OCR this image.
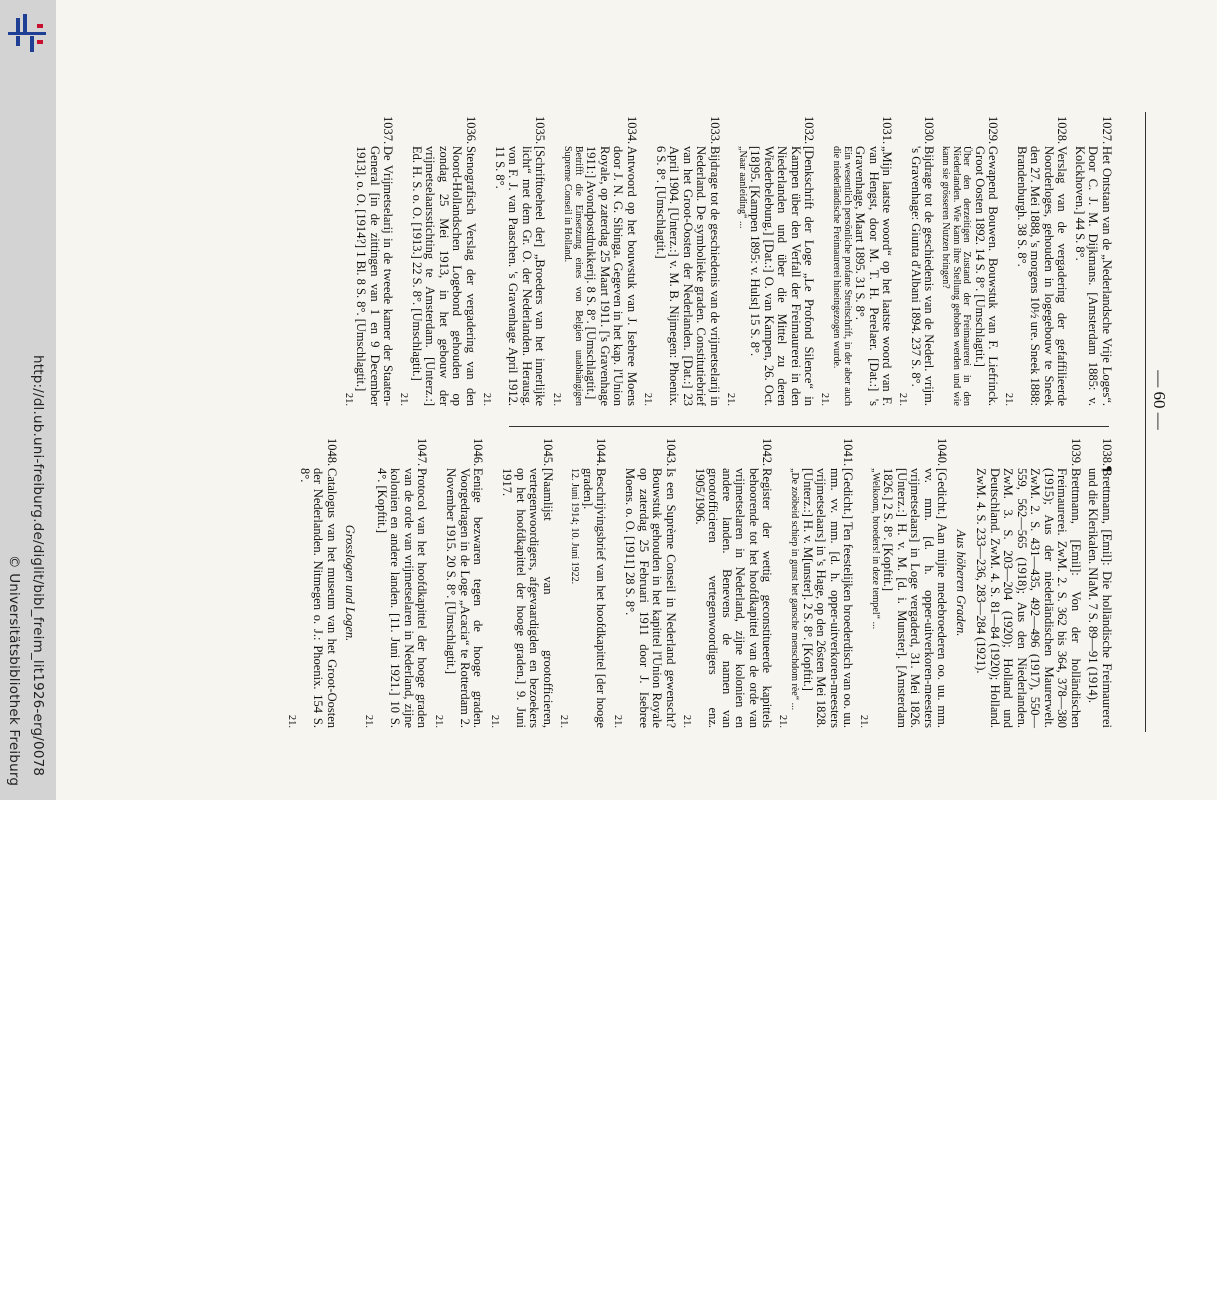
http://dl.ub.uni-freiburg.de/diglit/bibl_freim_lit1926-erg/0078
© Universitätsbibliothek Freiburg
— 60 —
1027.
Het Ontstaan van de „Nederlandsche Vrije Loges“. Door C. J. M. Dijkmans. [Amsterdam 1885: v. Kolckhoven.] 44 S. 8°.
1028.
Verslag van de vergadering der gefaffilieerde Noorderloges, gehouden in logegebouw te Sneek den 27. Mei 1888, 's morgens 10½ ure. Sneek 1888: Brandenburgh. 38 S. 8°.
21.
1029.
Gewapend Bouwen. Bouwstuk van F. Liefrinck. Groot Oosten 1892. 14 S. 8°. [Umschlagtit.]
Über den derzeitigen Zustand der Freimaurerei in den Niederlanden. Wie kann ihre Stellung gehoben werden und wie kann sie grösseren Nutzen bringen?
1030.
Bijdrage tot de geschiedenis van de Nederl. vrijm. 's Gravenhage: Giunta d'Albani 1894. 237 S. 8°.
21.
1031.
„Mijn laatste woord“ op het laatste woord van F. van Hengst, door M. T. H. Perelaer. [Dat.:] 's Gravenhage, Maart 1895. 31 S. 8°.
Ein wesentlich persönliche profane Streitschrift, in der aber auch die niederländische Freimaurerei hineingezogen wurde.
21.
1032.
[Denkschrift der Loge „Le Profond Silence“ in Kampen über den Verfall der Freimaurerei in den Niederlanden und über die Mittel zu deren Wiederbelebung.] [Dat.:] O. van Kampen, 26. Oct. [18]95. [Kampen 1895: v. Hulst] 15 S. 8°.
„Naar aanleiding“ ...
21.
1033.
Bijdrage tot de geschiedenis van de vrijmetselarij in Nederland. De symbolieke graden. Constitutiebrief van het Groot-Oosten der Nederlanden. [Dat.:] 23 April 1904. [Unterz.:] v. M. B. Nijmegen: Phoenix. 6 S. 8°. [Umschlagtit.]
21.
1034.
Antwoord op het bouwstuk van J. Isebree Moens door J. N. G. Sibinga. Gegeven in het kap. l'Union Royale, op zaterdag 25 Maart 1911. ['s Gravenhage 1911:] Avondpostdrukkerij. 8 S. 8°. [Umschlagtit.]
Betrifft die Einsetzung eines von Belgien unabhängigen Supreme Conseil in Holland.
21.
1035.
[Schrifttoeheel der] „Broeders van het innerlijke licht“ met dem Gr. O. der Nederlanden. Herausg. von F. J. van Paaschen. 's Gravenhage April 1912. 11 S. 8°.
21.
1036.
Stenografisch Verslag der vergadering van den Noord-Hollandschen Logebond gehouden op zondag 25 Mei 1913, in het gebouw der vrijmetselaarsstichting te Amsterdam. [Unterz.:] Ed. H. S. o. O. [1913.] 22 S. 8°. [Umschlagtit.]
21.
1037.
De Vrijmetselarij in de tweede kamer der Staaten-General [in de zittingen van 1 en 9 December 1913]. o. O. [1914?] 1 Bl. 8 S. 8°. [Umschlagtit.]
21.
1038.¶
Brettmann, [Emil]: Die holländische Freimaurerei und die Klerikalen. NIaM. 7 S. 89—91 (1914).
1039.
Brettmann, [Emil]: Von der holländischen Freimaurerei. ZwM. 2. S. 362 bis 364, 378—380 (1915); Aus der niederländischen Maurerwelt. ZwM. 2. S. 431—435, 492—496 (1917), 550—559, 562—565 (1918); Aus den Niederlanden. ZwM. 3. S. 203—204 (1920); Holland und Deutschland. ZwM. 4. S. 81—84 (1920); Holland. ZwM. 4. S. 233—236, 283—284 (1921).
Aus höheren Graden.
1040.
[Gedicht.] Aan mijne medebroederen oo. uu. mm. vv. mm. [d. h. opper-uitverkoren-meesters vrijmetselaars] in Loge vergaderd, 31. Mei 1826. [Unterz.:] H. v. M. [d. i. Munster]. [Amsterdam 1826.] 2 S. 8°. [Kopftit.]
„Welkoom, broeders! in deze tempel“ ...
21.
1041.
[Gedicht.] Ten feestelijken broederdisch van oo. uu. mm. vv. mm. [d. h. opper-uitverkoren-meesters vrijmetselaars] in 's Hage, op den 26sten Mei 1828. [Unterz.:] H. v. M[unster]. 2 S. 8°. [Kopftit.]
„De zoöbeid schiep in gunst het gansche menschdom rèe“ ...
21.
1042.
Register der wettig geconstitueerde kapittels behoorende tot het hoofdkapittel van de orde van vrijmetselaren in Nederland, zijne kolonien en andere landen. Benevens de namen van grootofficieren vertegenwoordigers enz. 1905/1906.
21.
1043.
Is een Suprème Conseil in Nederland gewenscht? Bouwstuk gehouden in het kapittel l'Union Royale op zaterdag 25 Februari 1911 door J. Isebree Moens. o. O. [1911] 28 S. 8°.
21.
1044.
Beschrijvingsbrief van het hoofdkapittel [der hooge graden].
12. Juni 1914; 10. Juni 1922.
21.
1045.
[Naamlijst van grootofficieren, vertegenwoordigers, afgevaardigden en bezoekers op het hoofdkapittel der hooge graden.] 9. Juni 1917.
21.
1046.
Eenige bezwaren tegen de hooge graden. Voorgedragen in de Loge „Acacia“ te Rotterdam 2. November 1915. 20 S. 8°. [Umschlagtit.]
21.
1047.
Protocol van het hoofdkapittel der hooge graden van de orde van vrijmetselaren in Nederland, zijne kolonien en andere landen. [11. Juni 1921.] 10 S. 4°. [Kopftit.]
21.
Grosslogen und Logen.
1048.
Catalogus van het museum van het Groot-Oosten der Nederlanden. Nitmegen o. J.: Phoenix. 154 S. 8°.
21.
